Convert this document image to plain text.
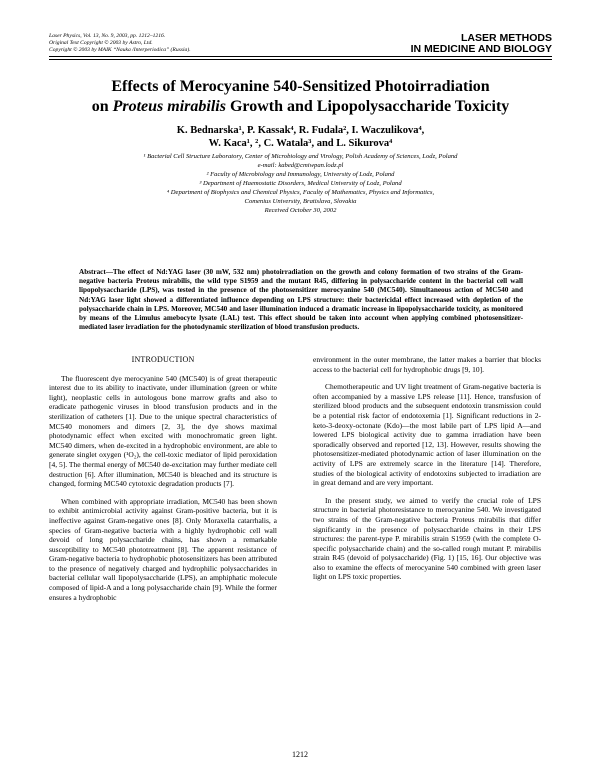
Laser Physics, Vol. 13, No. 9, 2003, pp. 1212–1216.
Original Text Copyright © 2003 by Astro, Ltd.
Copyright © 2003 by MAIK “Nauka /Interperiodica” (Russia).
LASER METHODS
IN MEDICINE AND BIOLOGY
Effects of Merocyanine 540-Sensitized Photoirradiation
on Proteus mirabilis Growth and Lipopolysaccharide Toxicity
K. Bednarska¹, P. Kassak⁴, R. Fudala², I. Waczulikova⁴,
W. Kaca¹, ², C. Watala³, and L. Sikurova⁴

¹ Bacterial Cell Structure Laboratory, Center of Microbiology and Virology, Polish Academy of Sciences, Lodz, Poland

e-mail: kabed@cmiwpan.lodz.pl

² Faculty of Microbiology and Immunology, University of Lodz, Poland

³ Department of Haemostatic Disorders, Medical University of Lodz, Poland

⁴ Department of Biophysics and Chemical Physics, Faculty of Mathematics, Physics and Informatics,

Comenius University, Bratislava, Slovakia

Received October 30, 2002

Abstract—The effect of Nd:YAG laser (30 mW, 532 nm) photoirradiation on the growth and colony formation of two strains of the Gram-negative bacteria Proteus mirabilis, the wild type S1959 and the mutant R45, differing in polysaccharide content in the bacterial cell wall lipopolysaccharide (LPS), was tested in the presence of the photosensitizer merocyanine 540 (MC540). Simultaneous action of MC540 and Nd:YAG laser light showed a differentiated influence depending on LPS structure: their bactericidal effect increased with depletion of the polysaccharide chain in LPS. Moreover, MC540 and laser illumination induced a dramatic increase in lipopolysaccharide toxicity, as monitored by means of the Limulus amebocyte lysate (LAL) test. This effect should be taken into account when applying combined photosensitizer-mediated laser irradiation for the photodynamic sterilization of blood transfusion products.
INTRODUCTION

The fluorescent dye merocyanine 540 (MC540) is of great therapeutic interest due to its ability to inactivate, under illumination (green or white light), neoplastic cells in autologous bone marrow grafts and also to eradicate pathogenic viruses in blood transfusion products and in the sterilization of catheters [1]. Due to the unique spectral characteristics of MC540 monomers and dimers [2, 3], the dye shows maximal photodynamic effect when excited with monochromatic green light. MC540 dimers, when de-excited in a hydrophobic environment, are able to generate singlet oxygen (¹O₂), the cell-toxic mediator of lipid peroxidation [4, 5]. The thermal energy of MC540 de-excitation may further mediate cell destruction [6]. After illumination, MC540 is bleached and its structure is changed, forming MC540 cytotoxic degradation products [7].

When combined with appropriate irradiation, MC540 has been shown to exhibit antimicrobial activity against Gram-positive bacteria, but it is ineffective against Gram-negative ones [8]. Only Moraxella catarrhalis, a species of Gram-negative bacteria with a highly hydrophobic cell wall devoid of long polysaccharide chains, has shown a remarkable susceptibility to MC540 phototreatment [8]. The apparent resistance of Gram-negative bacteria to hydrophobic photosensitizers has been attributed to the presence of negatively charged and hydrophilic polysaccharides in bacterial cellular wall lipopolysaccharide (LPS), an amphiphatic molecule composed of lipid-A and a long polysaccharide chain [9]. While the former ensures a hydrophobic

environment in the outer membrane, the latter makes a barrier that blocks access to the bacterial cell for hydrophobic drugs [9, 10].

Chemotherapeutic and UV light treatment of Gram-negative bacteria is often accompanied by a massive LPS release [11]. Hence, transfusion of sterilized blood products and the subsequent endotoxin transmission could be a potential risk factor of endotoxemia [1]. Significant reductions in 2-keto-3-deoxy-octonate (Kdo)—the most labile part of LPS lipid A—and lowered LPS biological activity due to gamma irradiation have been sporadically observed and reported [12, 13]. However, results showing the photosensitizer-mediated photodynamic action of laser illumination on the activity of LPS are extremely scarce in the literature [14]. Therefore, studies of the biological activity of endotoxins subjected to irradiation are in great demand and are very important.

In the present study, we aimed to verify the crucial role of LPS structure in bacterial photoresistance to merocyanine 540. We investigated two strains of the Gram-negative bacteria Proteus mirabilis that differ significantly in the presence of polysaccharide chains in their LPS structures: the parent-type P. mirabilis strain S1959 (with the complete O-specific polysaccharide chain) and the so-called rough mutant P. mirabilis strain R45 (devoid of polysaccharide) (Fig. 1) [15, 16]. Our objective was also to examine the effects of merocyanine 540 combined with green laser light on LPS toxic properties.

1212
